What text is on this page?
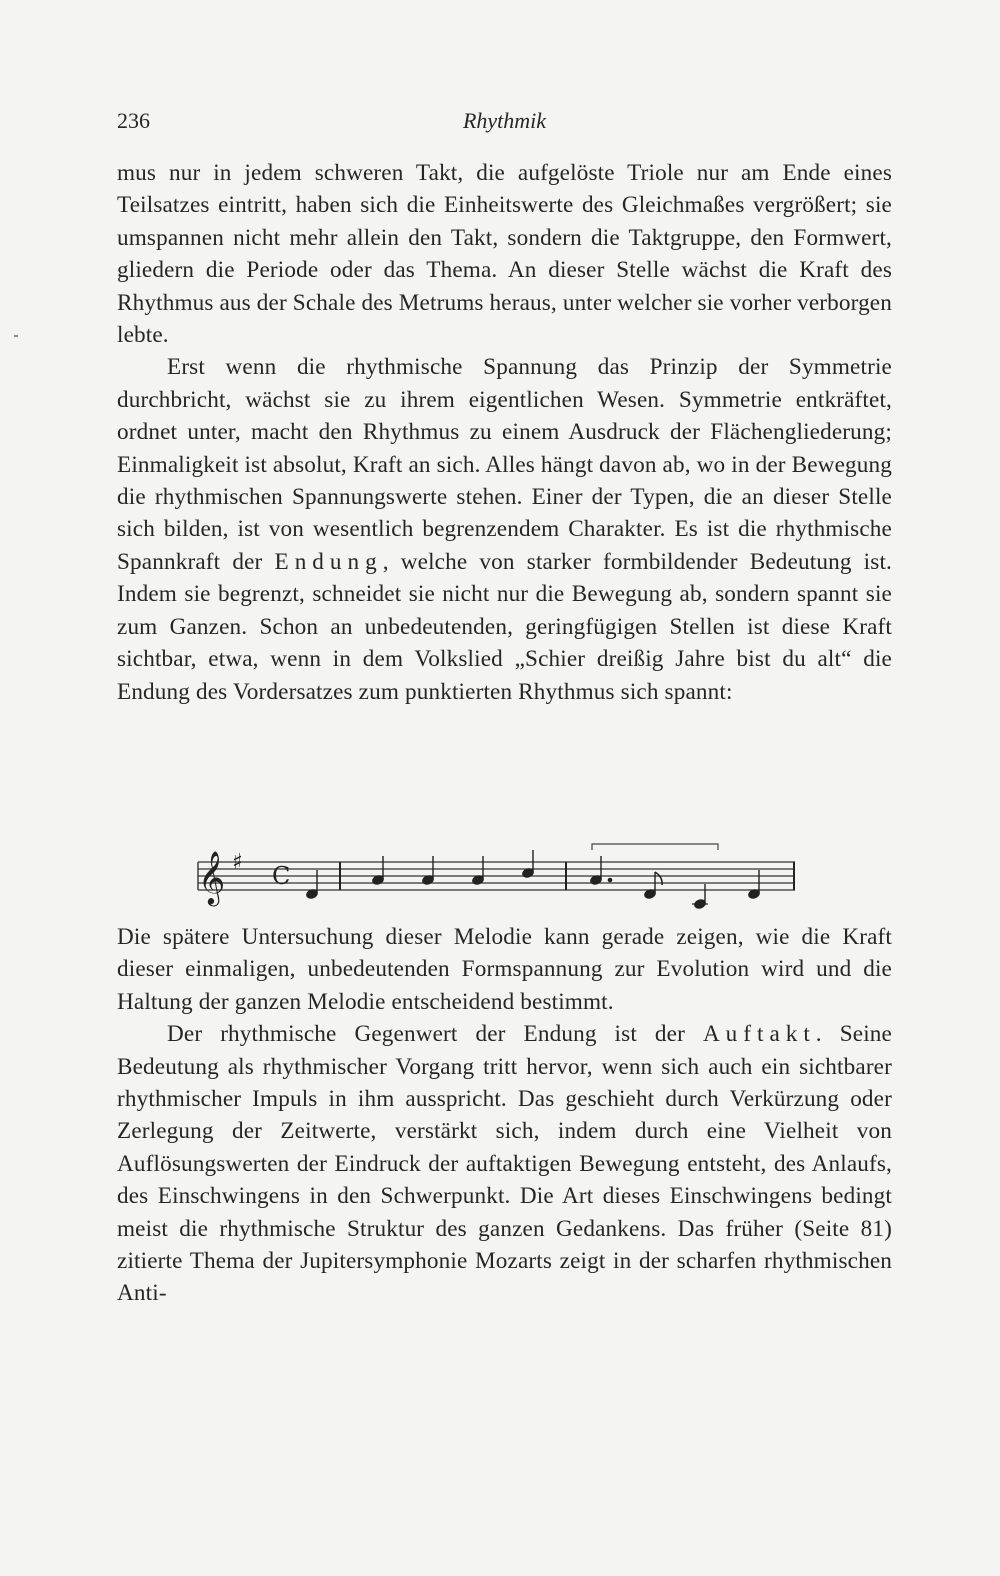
236	Rhythmik

mus nur in jedem schweren Takt, die aufgelöste Triole nur am Ende eines Teilsatzes eintritt, haben sich die Einheitswerte des Gleichmaßes vergrößert; sie umspannen nicht mehr allein den Takt, sondern die Taktgruppe, den Formwert, gliedern die Periode oder das Thema. An dieser Stelle wächst die Kraft des Rhythmus aus der Schale des Metrums heraus, unter welcher sie vorher verborgen lebte.

Erst wenn die rhythmische Spannung das Prinzip der Symmetrie durchbricht, wächst sie zu ihrem eigentlichen Wesen. Symmetrie entkräftet, ordnet unter, macht den Rhythmus zu einem Ausdruck der Flächengliederung; Einmaligkeit ist absolut, Kraft an sich. Alles hängt davon ab, wo in der Bewegung die rhythmischen Spannungswerte stehen. Einer der Typen, die an dieser Stelle sich bilden, ist von wesentlich begrenzendem Charakter. Es ist die rhythmische Spannkraft der Endung, welche von starker formbildender Bedeutung ist. Indem sie begrenzt, schneidet sie nicht nur die Bewegung ab, sondern spannt sie zum Ganzen. Schon an unbedeutenden, geringfügigen Stellen ist diese Kraft sichtbar, etwa, wenn in dem Volkslied „Schier dreißig Jahre bist du alt“ die Endung des Vordersatzes zum punktierten Rhythmus sich spannt:

𝄞 ♯ C

Die spätere Untersuchung dieser Melodie kann gerade zeigen, wie die Kraft dieser einmaligen, unbedeutenden Formspannung zur Evolution wird und die Haltung der ganzen Melodie entscheidend bestimmt.

Der rhythmische Gegenwert der Endung ist der Auftakt. Seine Bedeutung als rhythmischer Vorgang tritt hervor, wenn sich auch ein sichtbarer rhythmischer Impuls in ihm ausspricht. Das geschieht durch Verkürzung oder Zerlegung der Zeitwerte, verstärkt sich, indem durch eine Vielheit von Auflösungswerten der Eindruck der auftaktigen Bewegung entsteht, des Anlaufs, des Einschwingens in den Schwerpunkt. Die Art dieses Einschwingens bedingt meist die rhythmische Struktur des ganzen Gedankens. Das früher (Seite 81) zitierte Thema der Jupitersymphonie Mozarts zeigt in der scharfen rhythmischen Anti-
